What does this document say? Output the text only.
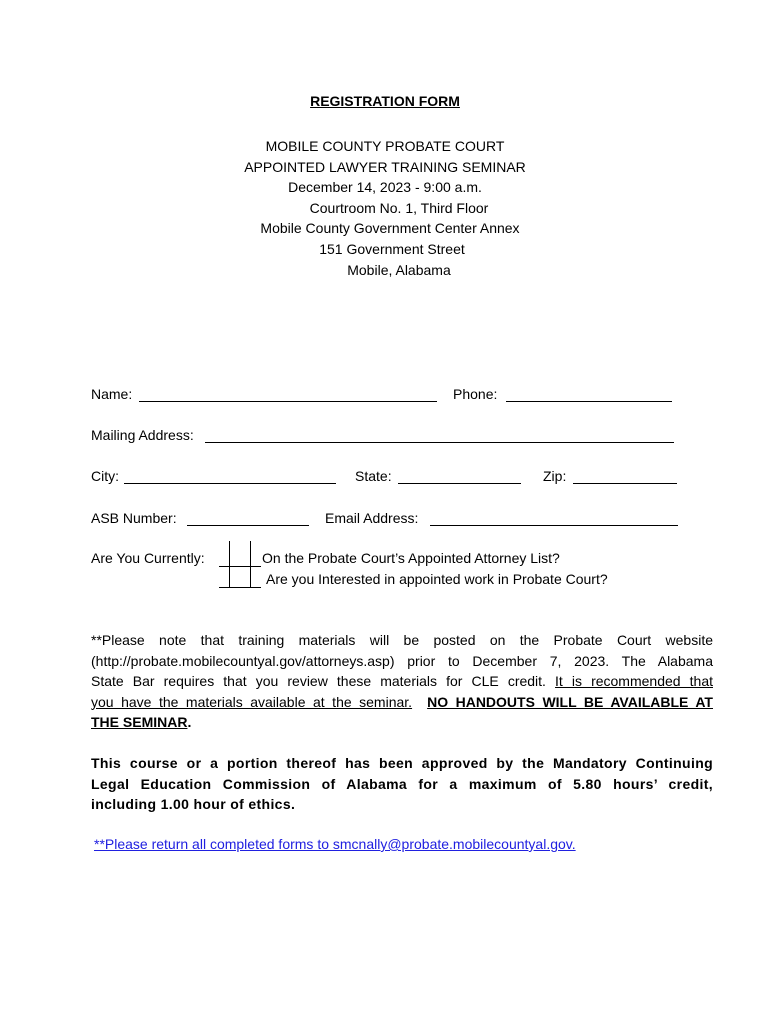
REGISTRATION FORM
MOBILE COUNTY PROBATE COURT
APPOINTED LAWYER TRAINING SEMINAR
December 14, 2023 - 9:00 a.m.
Courtroom No. 1, Third Floor
Mobile County Government Center Annex
151 Government Street
Mobile, Alabama
Name:	Phone:
Mailing Address:
City:	State:	Zip:
ASB Number:	Email Address:
Are You Currently:	On the Probate Court’s Appointed Attorney List?
Are you Interested in appointed work in Probate Court?
**Please note that training materials will be posted on the Probate Court website
(http://probate.mobilecountyal.gov/attorneys.asp) prior to December 7, 2023. The Alabama
State Bar requires that you review these materials for CLE credit. It is recommended that
you have the materials available at the seminar. NO HANDOUTS WILL BE AVAILABLE AT
THE SEMINAR.
This course or a portion thereof has been approved by the Mandatory Continuing
Legal Education Commission of Alabama for a maximum of 5.80 hours’ credit,
including 1.00 hour of ethics.
**Please return all completed forms to smcnally@probate.mobilecountyal.gov.
